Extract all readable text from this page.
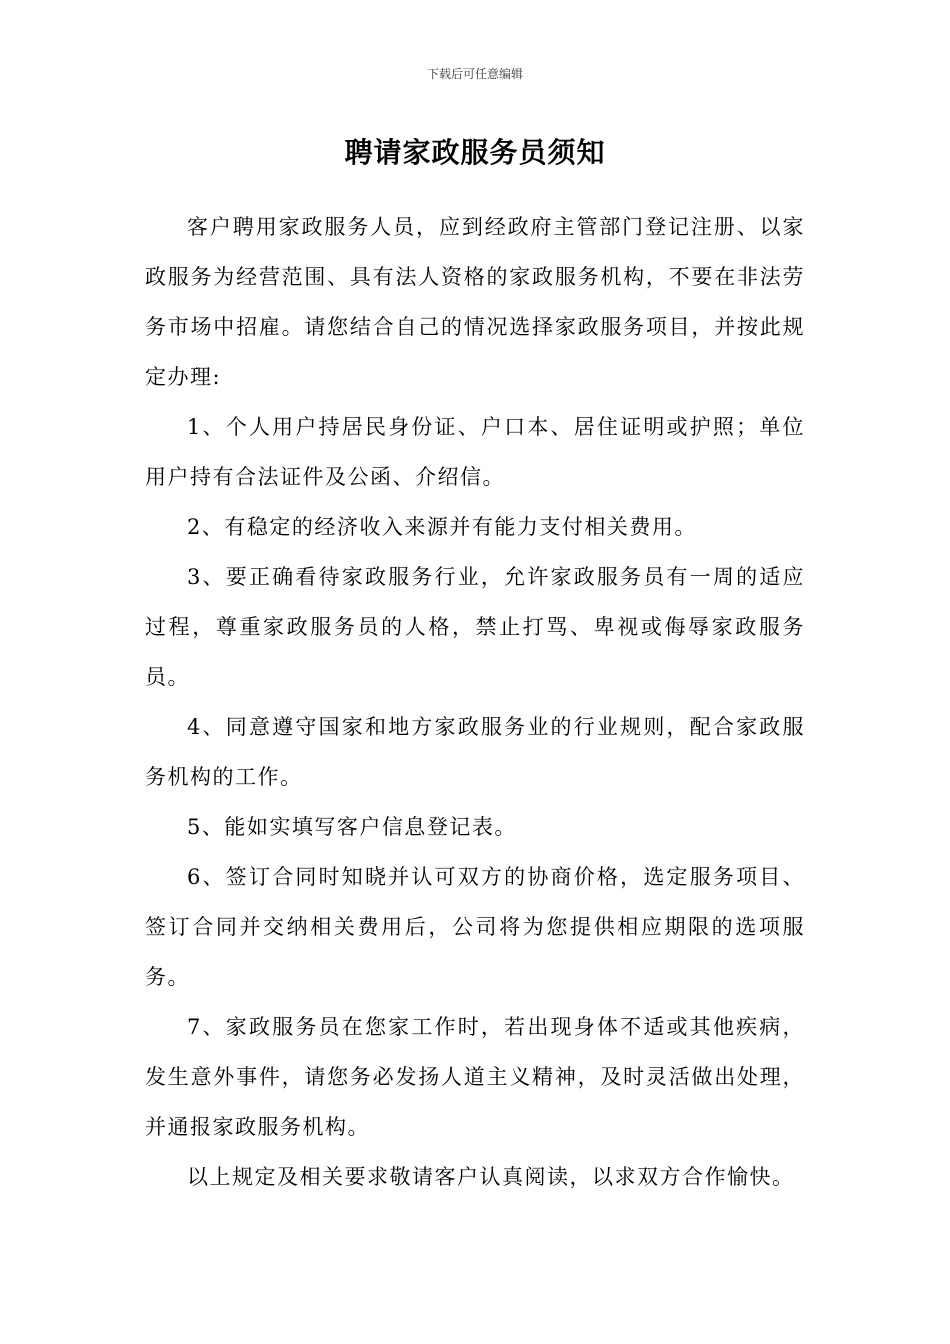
下载后可任意编辑
聘请家政服务员须知

客户聘用家政服务人员，应到经政府主管部门登记注册、以家政服务为经营范围、具有法人资格的家政服务机构，不要在非法劳务市场中招雇。请您结合自己的情况选择家政服务项目，并按此规定办理:

1、个人用户持居民身份证、户口本、居住证明或护照；单位用户持有合法证件及公函、介绍信。

2、有稳定的经济收入来源并有能力支付相关费用。

3、要正确看待家政服务行业，允许家政服务员有一周的适应过程，尊重家政服务员的人格，禁止打骂、卑视或侮辱家政服务员。

4、同意遵守国家和地方家政服务业的行业规则，配合家政服务机构的工作。

5、能如实填写客户信息登记表。

6、签订合同时知晓并认可双方的协商价格，选定服务项目、签订合同并交纳相关费用后，公司将为您提供相应期限的选项服务。

7、家政服务员在您家工作时，若出现身体不适或其他疾病，发生意外事件，请您务必发扬人道主义精神，及时灵活做出处理，并通报家政服务机构。

以上规定及相关要求敬请客户认真阅读，以求双方合作愉快。
